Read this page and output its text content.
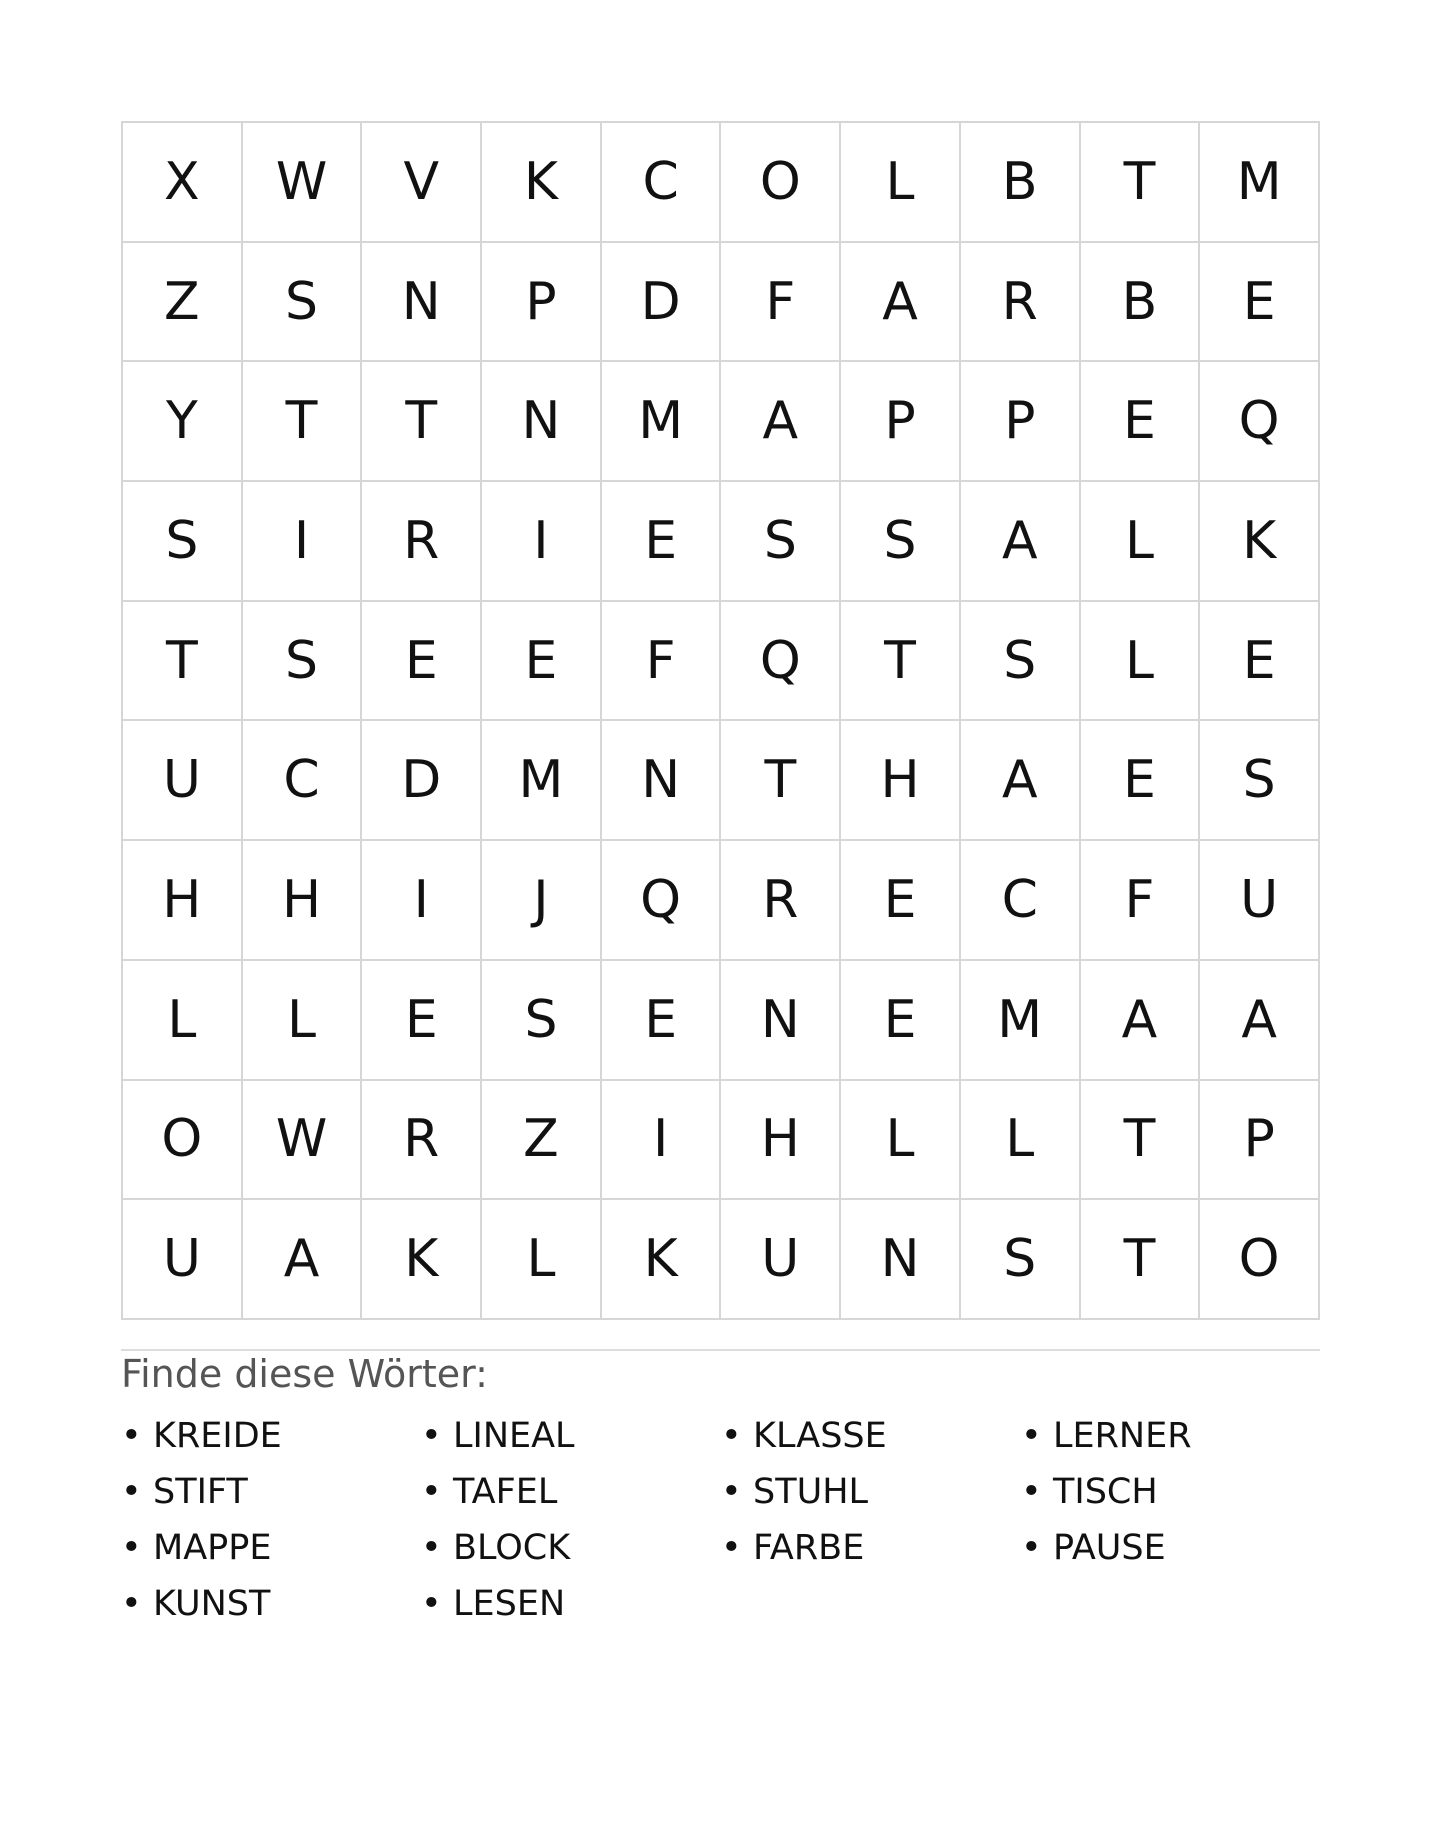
X	W	V	K	C	O	L	B	T	M
Z	S	N	P	D	F	A	R	B	E
Y	T	T	N	M	A	P	P	E	Q
S	I	R	I	E	S	S	A	L	K
T	S	E	E	F	Q	T	S	L	E
U	C	D	M	N	T	H	A	E	S
H	H	I	J	Q	R	E	C	F	U
L	L	E	S	E	N	E	M	A	A
O	W	R	Z	I	H	L	L	T	P
U	A	K	L	K	U	N	S	T	O
Finde diese Wörter:
• KREIDE	• LINEAL	• KLASSE	• LERNER
• STIFT	• TAFEL	• STUHL	• TISCH
• MAPPE	• BLOCK	• FARBE	• PAUSE
• KUNST	• LESEN
